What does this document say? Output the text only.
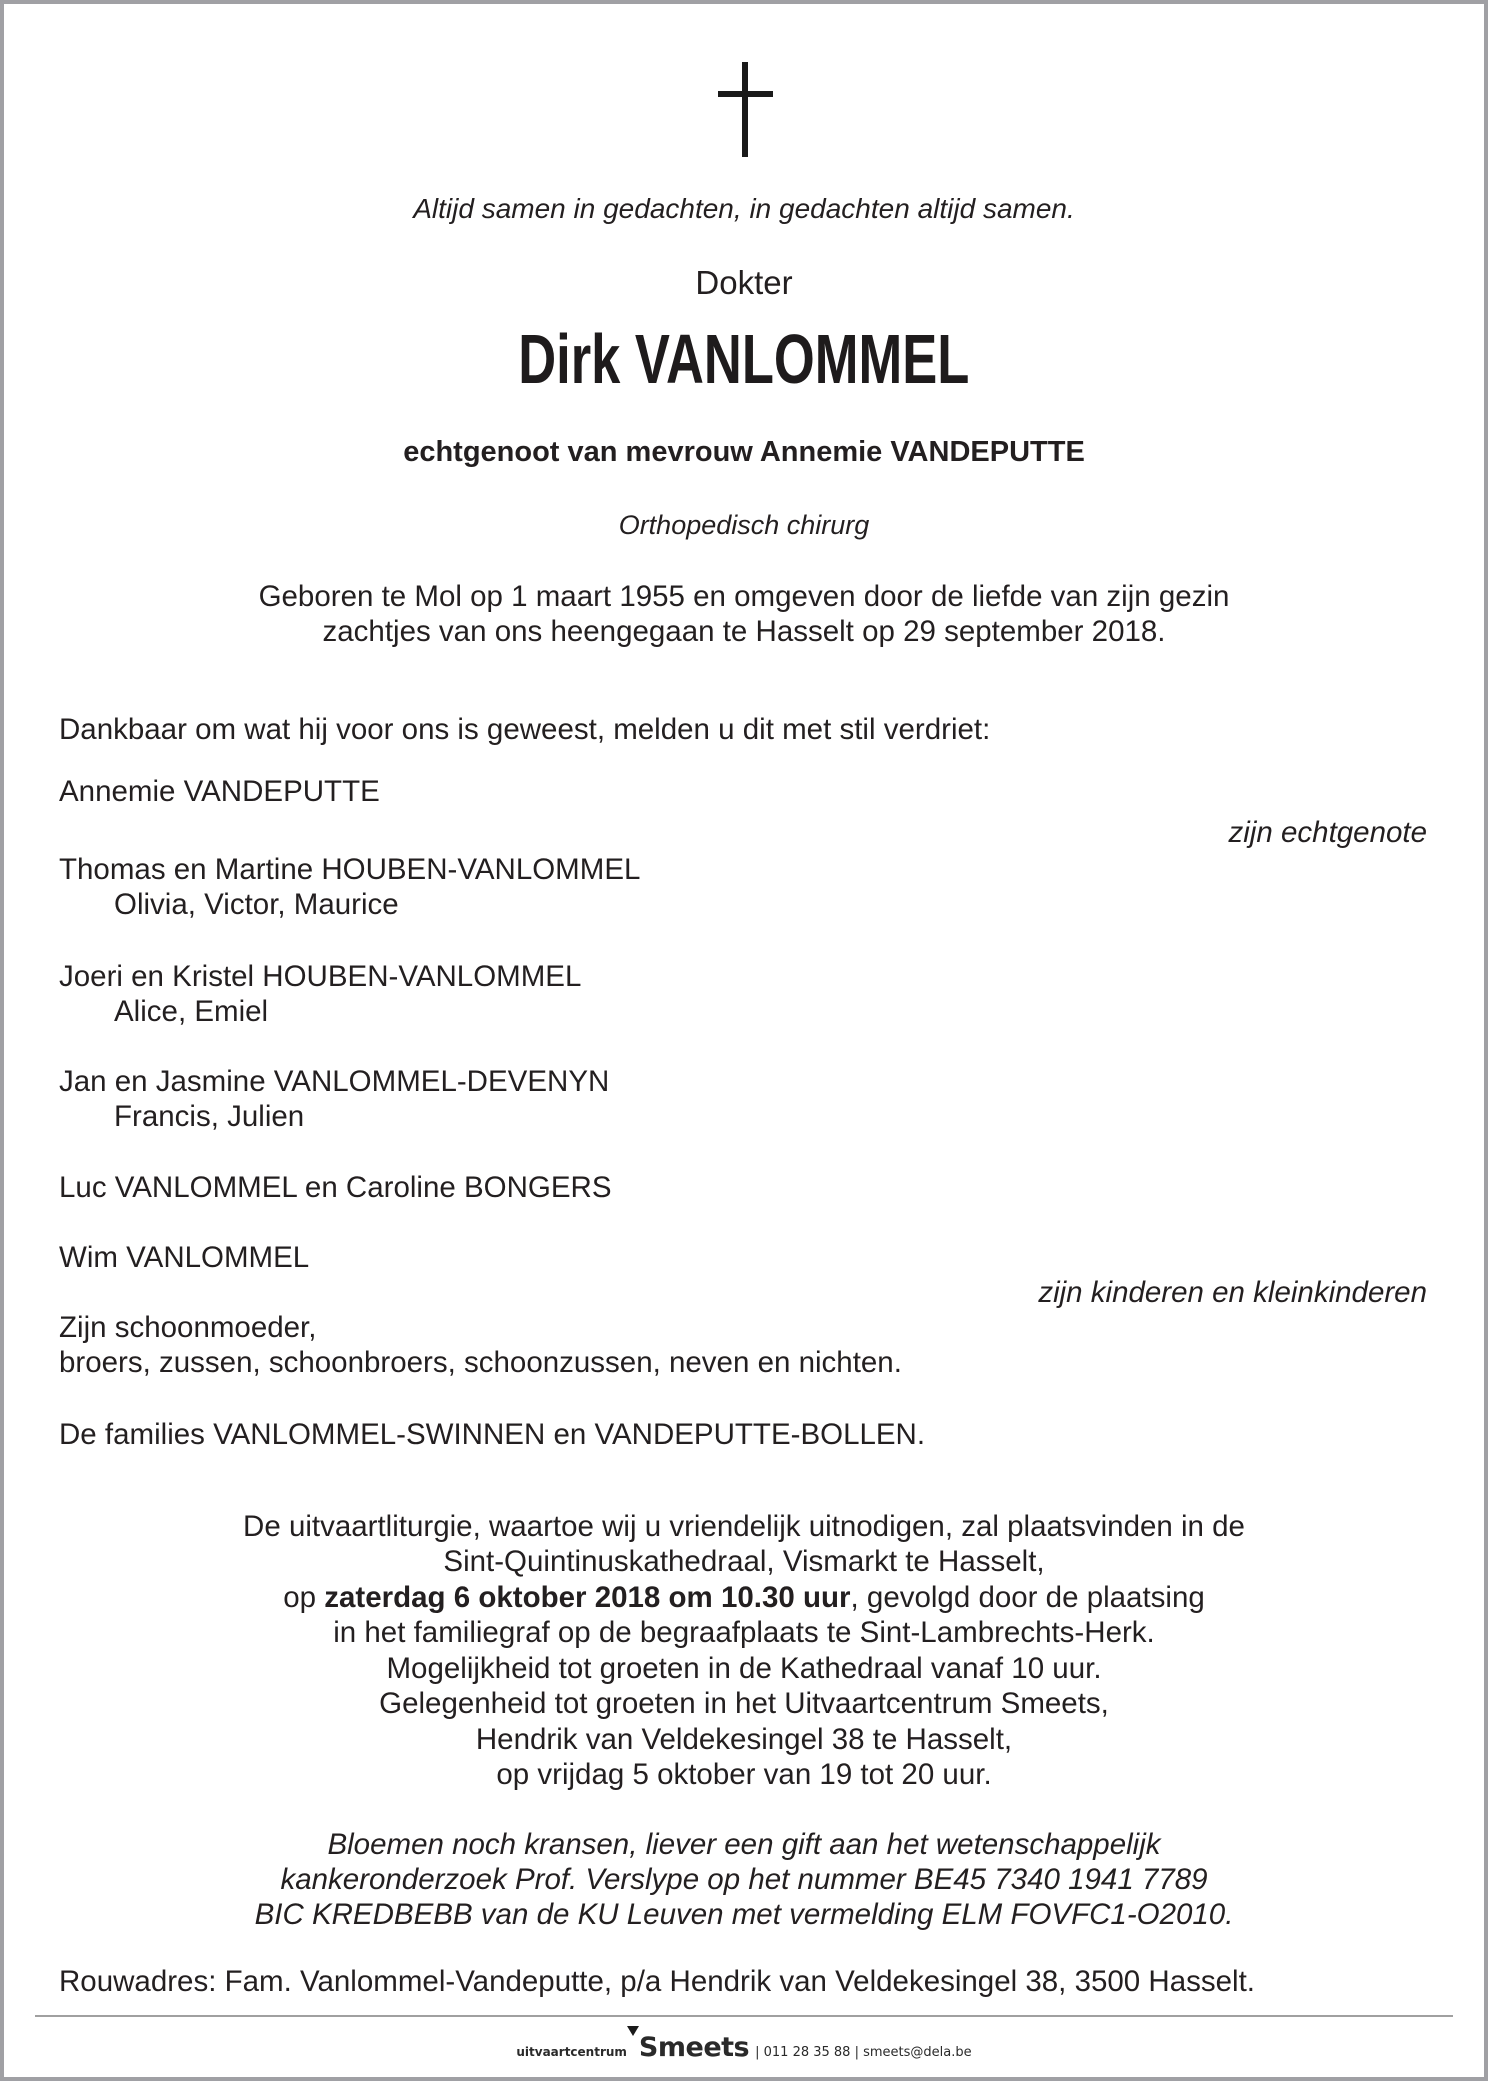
Altijd samen in gedachten, in gedachten altijd samen.
Dokter
Dirk VANLOMMEL
echtgenoot van mevrouw Annemie VANDEPUTTE
Orthopedisch chirurg
Geboren te Mol op 1 maart 1955 en omgeven door de liefde van zijn gezin
zachtjes van ons heengegaan te Hasselt op 29 september 2018.
Dankbaar om wat hij voor ons is geweest, melden u dit met stil verdriet:
Annemie VANDEPUTTE
zijn echtgenote
Thomas en Martine HOUBEN-VANLOMMEL
Olivia, Victor, Maurice
Joeri en Kristel HOUBEN-VANLOMMEL
Alice, Emiel
Jan en Jasmine VANLOMMEL-DEVENYN
Francis, Julien
Luc VANLOMMEL en Caroline BONGERS
Wim VANLOMMEL
zijn kinderen en kleinkinderen
Zijn schoonmoeder,
broers, zussen, schoonbroers, schoonzussen, neven en nichten.
De families VANLOMMEL-SWINNEN en VANDEPUTTE-BOLLEN.
De uitvaartliturgie, waartoe wij u vriendelijk uitnodigen, zal plaatsvinden in de
Sint-Quintinuskathedraal, Vismarkt te Hasselt,
op zaterdag 6 oktober 2018 om 10.30 uur, gevolgd door de plaatsing
in het familiegraf op de begraafplaats te Sint-Lambrechts-Herk.
Mogelijkheid tot groeten in de Kathedraal vanaf 10 uur.
Gelegenheid tot groeten in het Uitvaartcentrum Smeets,
Hendrik van Veldekesingel 38 te Hasselt,
op vrijdag 5 oktober van 19 tot 20 uur.
Bloemen noch kransen, liever een gift aan het wetenschappelijk
kankeronderzoek Prof. Verslype op het nummer BE45 7340 1941 7789
BIC KREDBEBB van de KU Leuven met vermelding ELM FOVFC1-O2010.
Rouwadres: Fam. Vanlommel-Vandeputte, p/a Hendrik van Veldekesingel 38, 3500 Hasselt.
uitvaartcentrum Smeets | 011 28 35 88 | smeets@dela.be
